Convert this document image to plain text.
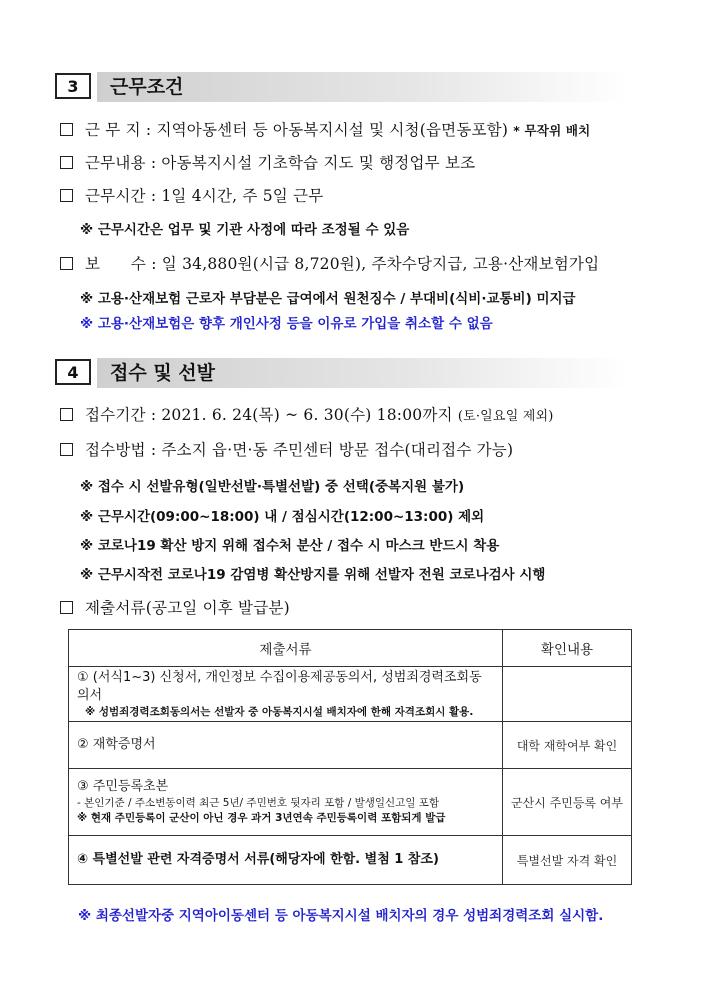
3	근무조건
근 무 지 : 지역아동센터 등 아동복지시설 및 시청(읍면동포함) * 무작위 배치
근무내용 : 아동복지시설 기초학습 지도 및 행정업무 보조
근무시간 : 1일 4시간, 주 5일 근무
※ 근무시간은 업무 및 기관 사정에 따라 조정될 수 있음
보      수 : 일 34,880원(시급 8,720원), 주차수당지급, 고용·산재보험가입
※ 고용·산재보험 근로자 부담분은 급여에서 원천징수 / 부대비(식비·교통비) 미지급
※ 고용·산재보험은 향후 개인사정 등을 이유로 가입을 취소할 수 없음
4	접수 및 선발
접수기간 : 2021. 6. 24(목) ~ 6. 30(수) 18:00까지 (토·일요일 제외)
접수방법 : 주소지 읍·면·동 주민센터 방문 접수(대리접수 가능)
※ 접수 시 선발유형(일반선발·특별선발) 중 선택(중복지원 불가)
※ 근무시간(09:00~18:00) 내 / 점심시간(12:00~13:00) 제외
※ 코로나19 확산 방지 위해 접수처 분산 / 접수 시 마스크 반드시 착용
※ 근무시작전 코로나19 감염병 확산방지를 위해 선발자 전원 코로나검사 시행
제출서류(공고일 이후 발급분)
제출서류	확인내용

① (서식1~3) 신청서, 개인정보 수집이용제공동의서, 성범죄경력조회동의서
※ 성범죄경력조회동의서는 선발자 중 아동복지시설 배치자에 한해 자격조회시 활용.	

② 재학증명서	대학 재학여부 확인

③ 주민등록초본
- 본인기준 / 주소변동이력 최근 5년/ 주민번호 뒷자리 포함 / 발생일신고일 포함
※ 현재 주민등록이 군산이 아닌 경우 과거 3년연속 주민등록이력 포함되게 발급	군산시 주민등록 여부

④ 특별선발 관련 자격증명서 서류(해당자에 한함. 별첨 1 참조)	특별선발 자격 확인
※ 최종선발자중 지역아이동센터 등 아동복지시설 배치자의 경우 성범죄경력조회 실시함.
